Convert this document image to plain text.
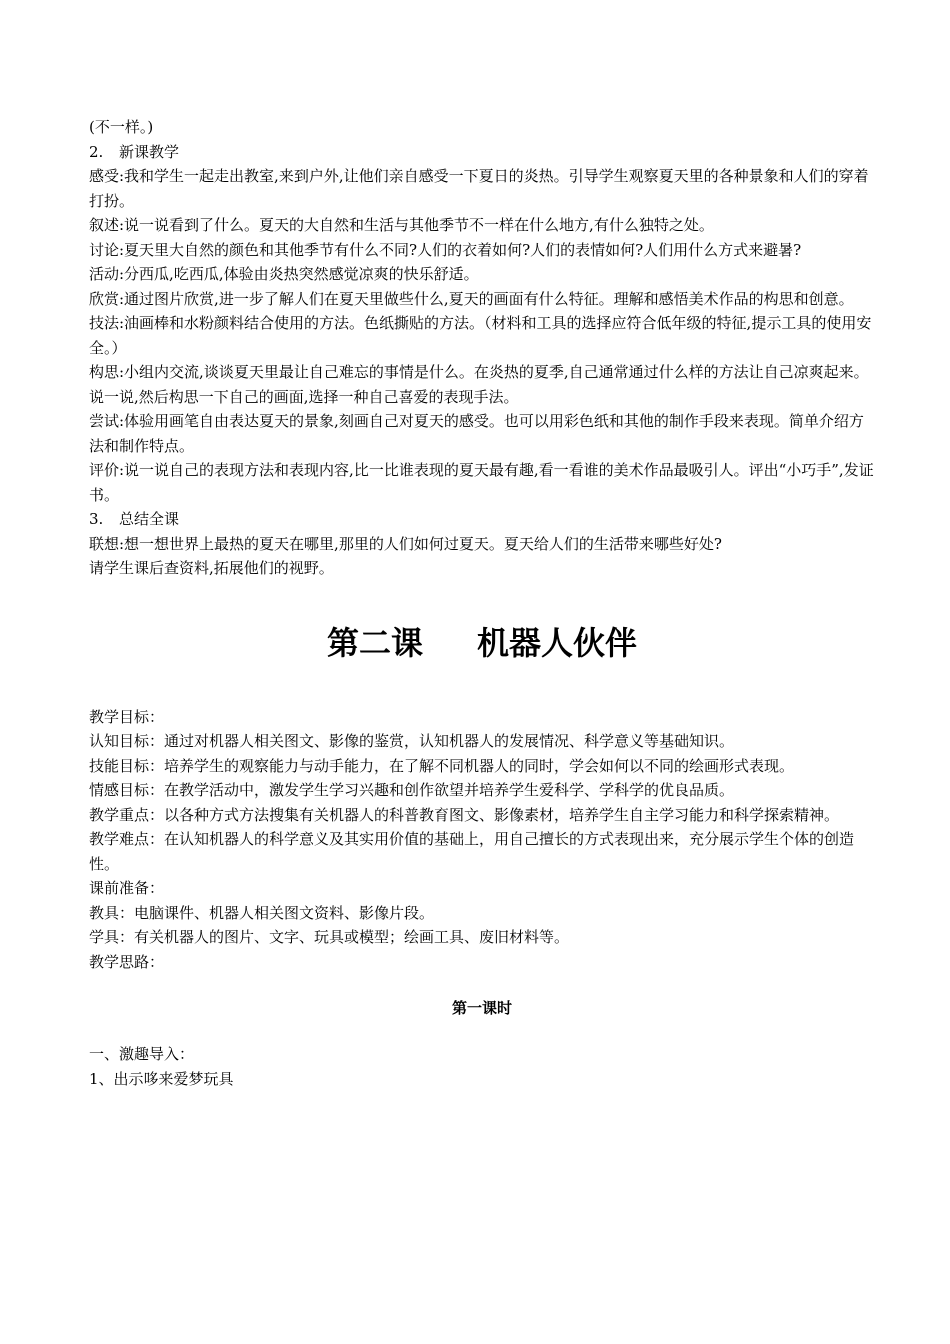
(不一样。)

2.	新课教学

感受:我和学生一起走出教室,来到户外,让他们亲自感受一下夏日的炎热。引导学生观察夏天里的各种景象和人们的穿着打扮。

叙述:说一说看到了什么。夏天的大自然和生活与其他季节不一样在什么地方,有什么独特之处。

讨论:夏天里大自然的颜色和其他季节有什么不同?人们的衣着如何?人们的表情如何?人们用什么方式来避暑?

活动:分西瓜,吃西瓜,体验由炎热突然感觉凉爽的快乐舒适。

欣赏:通过图片欣赏,进一步了解人们在夏天里做些什么,夏天的画面有什么特征。理解和感悟美术作品的构思和创意。

技法:油画棒和水粉颜料结合使用的方法。色纸撕贴的方法。（材料和工具的选择应符合低年级的特征,提示工具的使用安全。）

构思:小组内交流,谈谈夏天里最让自己难忘的事情是什么。在炎热的夏季,自己通常通过什么样的方法让自己凉爽起来。说一说,然后构思一下自己的画面,选择一种自己喜爱的表现手法。

尝试:体验用画笔自由表达夏天的景象,刻画自己对夏天的感受。也可以用彩色纸和其他的制作手段来表现。简单介绍方法和制作特点。

评价:说一说自己的表现方法和表现内容,比一比谁表现的夏天最有趣,看一看谁的美术作品最吸引人。评出“小巧手”,发证书。

3.	总结全课

联想:想一想世界上最热的夏天在哪里,那里的人们如何过夏天。夏天给人们的生活带来哪些好处?

请学生课后查资料,拓展他们的视野。

第二课 机器人伙伴

教学目标：

认知目标：通过对机器人相关图文、影像的鉴赏，认知机器人的发展情况、科学意义等基础知识。

技能目标：培养学生的观察能力与动手能力，在了解不同机器人的同时，学会如何以不同的绘画形式表现。

情感目标：在教学活动中，激发学生学习兴趣和创作欲望并培养学生爱科学、学科学的优良品质。

教学重点：以各种方式方法搜集有关机器人的科普教育图文、影像素材，培养学生自主学习能力和科学探索精神。

教学难点：在认知机器人的科学意义及其实用价值的基础上，用自己擅长的方式表现出来，充分展示学生个体的创造性。

课前准备：

教具：电脑课件、机器人相关图文资料、影像片段。

学具：有关机器人的图片、文字、玩具或模型；绘画工具、废旧材料等。

教学思路：

第一课时

一、激趣导入：

1、出示哆来爱梦玩具
